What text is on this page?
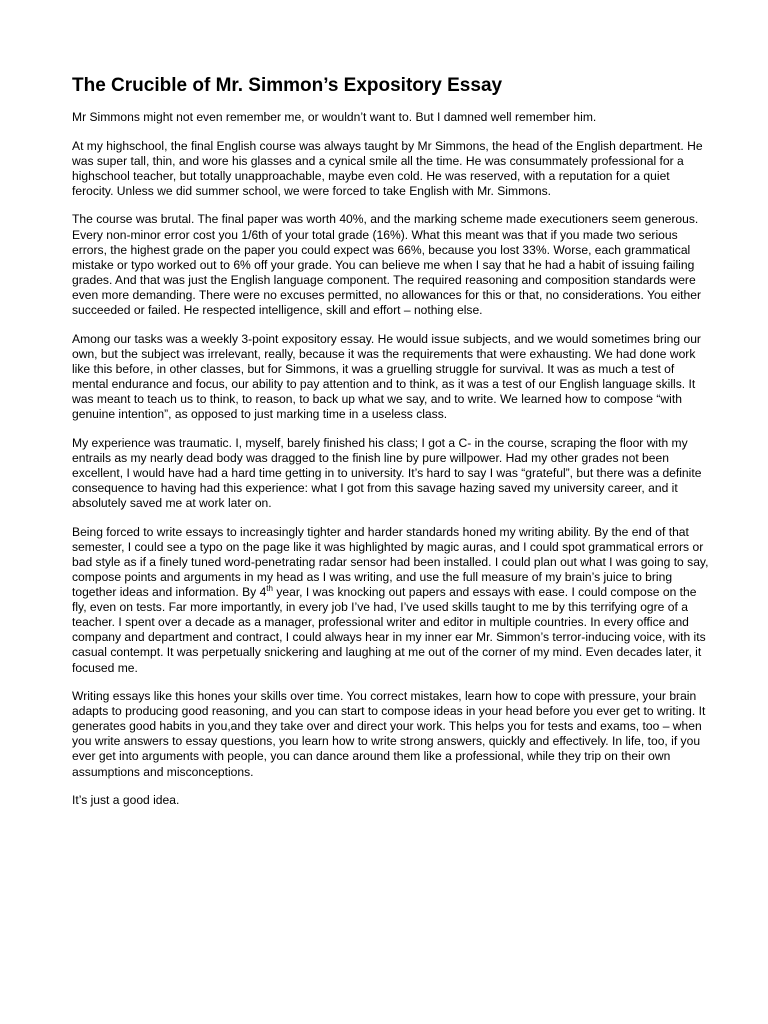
The Crucible of Mr. Simmon’s Expository Essay

Mr Simmons might not even remember me, or wouldn’t want to. But I damned well remember him.

At my highschool, the final English course was always taught by Mr Simmons, the head of the English department. He was super tall, thin, and wore his glasses and a cynical smile all the time. He was consummately professional for a highschool teacher, but totally unapproachable, maybe even cold. He was reserved, with a reputation for a quiet ferocity. Unless we did summer school, we were forced to take English with Mr. Simmons.

The course was brutal. The final paper was worth 40%, and the marking scheme made executioners seem generous. Every non-minor error cost you 1/6th of your total grade (16%). What this meant was that if you made two serious errors, the highest grade on the paper you could expect was 66%, because you lost 33%. Worse, each grammatical mistake or typo worked out to 6% off your grade. You can believe me when I say that he had a habit of issuing failing grades. And that was just the English language component. The required reasoning and composition standards were even more demanding. There were no excuses permitted, no allowances for this or that, no considerations. You either succeeded or failed. He respected intelligence, skill and effort – nothing else.

Among our tasks was a weekly 3-point expository essay. He would issue subjects, and we would sometimes bring our own, but the subject was irrelevant, really, because it was the requirements that were exhausting. We had done work like this before, in other classes, but for Simmons, it was a gruelling struggle for survival. It was as much a test of mental endurance and focus, our ability to pay attention and to think, as it was a test of our English language skills. It was meant to teach us to think, to reason, to back up what we say, and to write. We learned how to compose “with genuine intention”, as opposed to just marking time in a useless class.

My experience was traumatic. I, myself, barely finished his class; I got a C- in the course, scraping the floor with my entrails as my nearly dead body was dragged to the finish line by pure willpower. Had my other grades not been excellent, I would have had a hard time getting in to university. It’s hard to say I was “grateful”, but there was a definite consequence to having had this experience: what I got from this savage hazing saved my university career, and it absolutely saved me at work later on.

Being forced to write essays to increasingly tighter and harder standards honed my writing ability. By the end of that semester, I could see a typo on the page like it was highlighted by magic auras, and I could spot grammatical errors or bad style as if a finely tuned word-penetrating radar sensor had been installed. I could plan out what I was going to say, compose points and arguments in my head as I was writing, and use the full measure of my brain’s juice to bring together ideas and information. By 4th year, I was knocking out papers and essays with ease. I could compose on the fly, even on tests. Far more importantly, in every job I’ve had, I’ve used skills taught to me by this terrifying ogre of a teacher. I spent over a decade as a manager, professional writer and editor in multiple countries. In every office and company and department and contract, I could always hear in my inner ear Mr. Simmon’s terror-inducing voice, with its casual contempt. It was perpetually snickering and laughing at me out of the corner of my mind. Even decades later, it focused me.

Writing essays like this hones your skills over time. You correct mistakes, learn how to cope with pressure, your brain adapts to producing good reasoning, and you can start to compose ideas in your head before you ever get to writing. It generates good habits in you,and they take over and direct your work. This helps you for tests and exams, too – when you write answers to essay questions, you learn how to write strong answers, quickly and effectively. In life, too, if you ever get into arguments with people, you can dance around them like a professional, while they trip on their own assumptions and misconceptions.

It’s just a good idea.
